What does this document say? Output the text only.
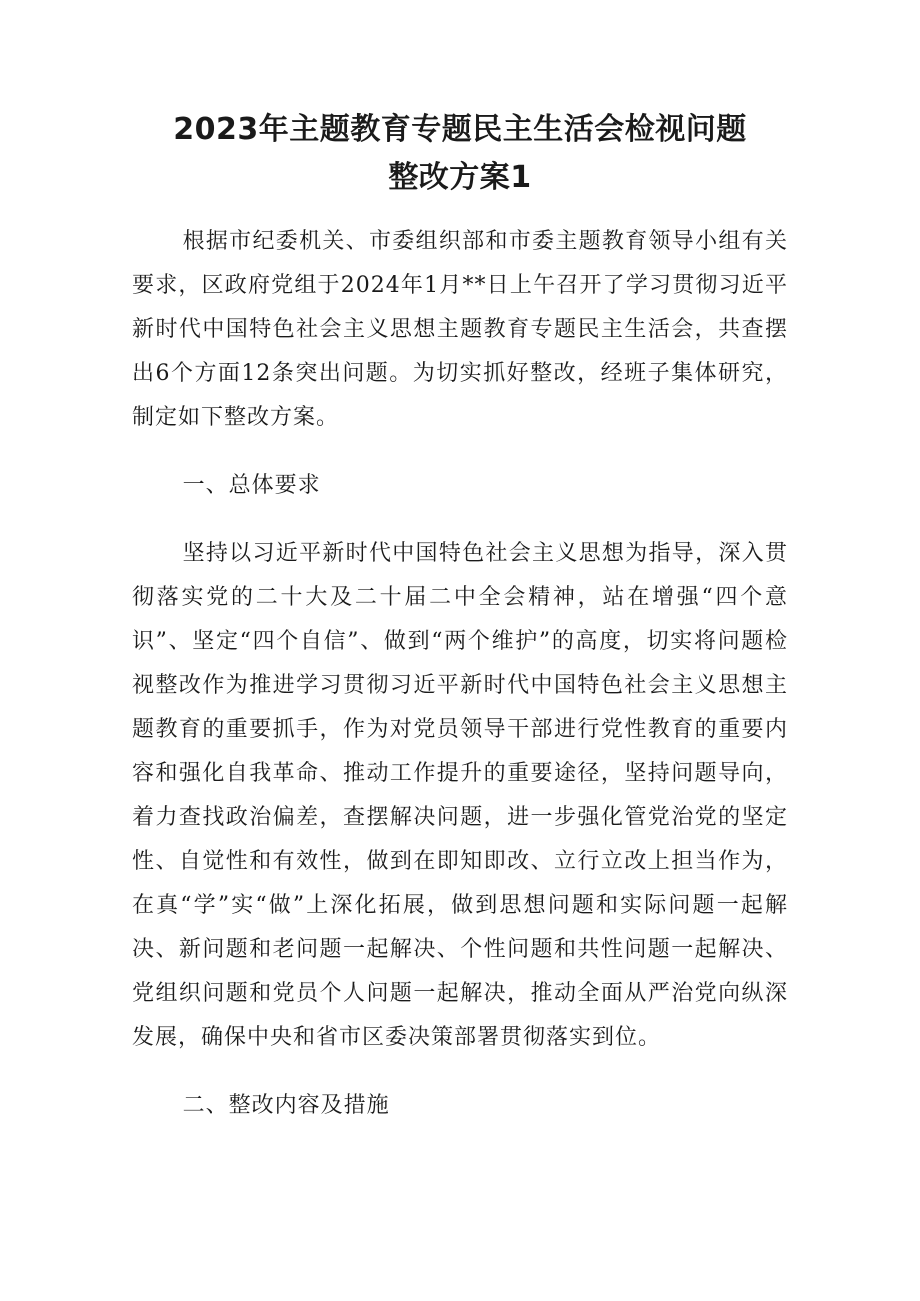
2023年主题教育专题民主生活会检视问题
整改方案1

根据市纪委机关、市委组织部和市委主题教育领导小组有关要求，区政府党组于2024年1月**日上午召开了学习贯彻习近平新时代中国特色社会主义思想主题教育专题民主生活会，共查摆出6个方面12条突出问题。为切实抓好整改，经班子集体研究，制定如下整改方案。

一、总体要求

坚持以习近平新时代中国特色社会主义思想为指导，深入贯彻落实党的二十大及二十届二中全会精神，站在增强“四个意识”、坚定“四个自信”、做到“两个维护”的高度，切实将问题检视整改作为推进学习贯彻习近平新时代中国特色社会主义思想主题教育的重要抓手，作为对党员领导干部进行党性教育的重要内容和强化自我革命、推动工作提升的重要途径，坚持问题导向，着力查找政治偏差，查摆解决问题，进一步强化管党治党的坚定性、自觉性和有效性，做到在即知即改、立行立改上担当作为，在真“学”实“做”上深化拓展，做到思想问题和实际问题一起解决、新问题和老问题一起解决、个性问题和共性问题一起解决、党组织问题和党员个人问题一起解决，推动全面从严治党向纵深发展，确保中央和省市区委决策部署贯彻落实到位。

二、整改内容及措施
